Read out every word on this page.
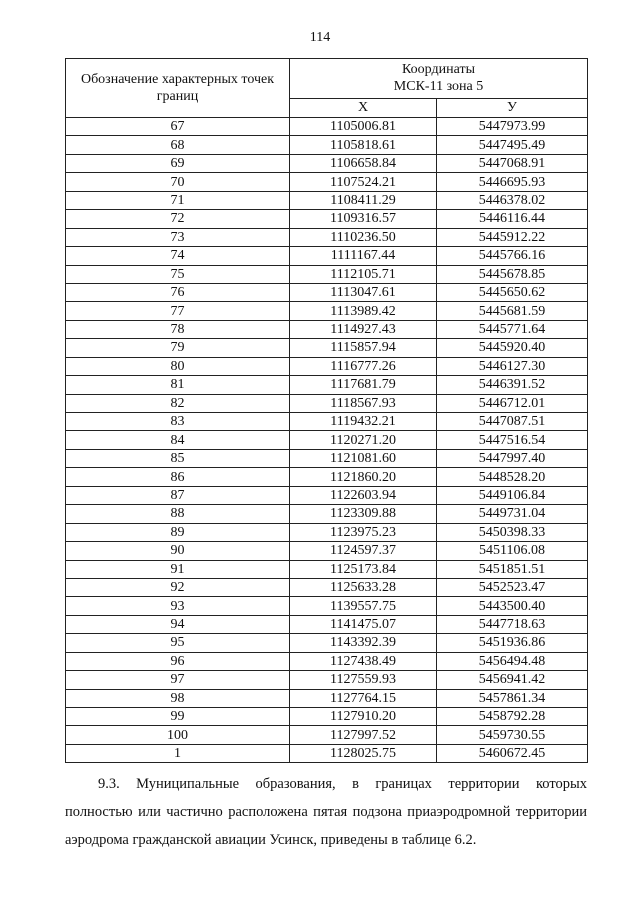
114
Обозначение характерных точек границ	Координаты
МСК-11 зона 5	
	X	У
67	1105006.81	5447973.99
68	1105818.61	5447495.49
69	1106658.84	5447068.91
70	1107524.21	5446695.93
71	1108411.29	5446378.02
72	1109316.57	5446116.44
73	1110236.50	5445912.22
74	1111167.44	5445766.16
75	1112105.71	5445678.85
76	1113047.61	5445650.62
77	1113989.42	5445681.59
78	1114927.43	5445771.64
79	1115857.94	5445920.40
80	1116777.26	5446127.30
81	1117681.79	5446391.52
82	1118567.93	5446712.01
83	1119432.21	5447087.51
84	1120271.20	5447516.54
85	1121081.60	5447997.40
86	1121860.20	5448528.20
87	1122603.94	5449106.84
88	1123309.88	5449731.04
89	1123975.23	5450398.33
90	1124597.37	5451106.08
91	1125173.84	5451851.51
92	1125633.28	5452523.47
93	1139557.75	5443500.40
94	1141475.07	5447718.63
95	1143392.39	5451936.86
96	1127438.49	5456494.48
97	1127559.93	5456941.42
98	1127764.15	5457861.34
99	1127910.20	5458792.28
100	1127997.52	5459730.55
1	1128025.75	5460672.45
9.3. Муниципальные образования, в границах территории которых
полностью или частично расположена пятая подзона приаэродромной территории аэродрома гражданской авиации Усинск, приведены в таблице 6.2.
